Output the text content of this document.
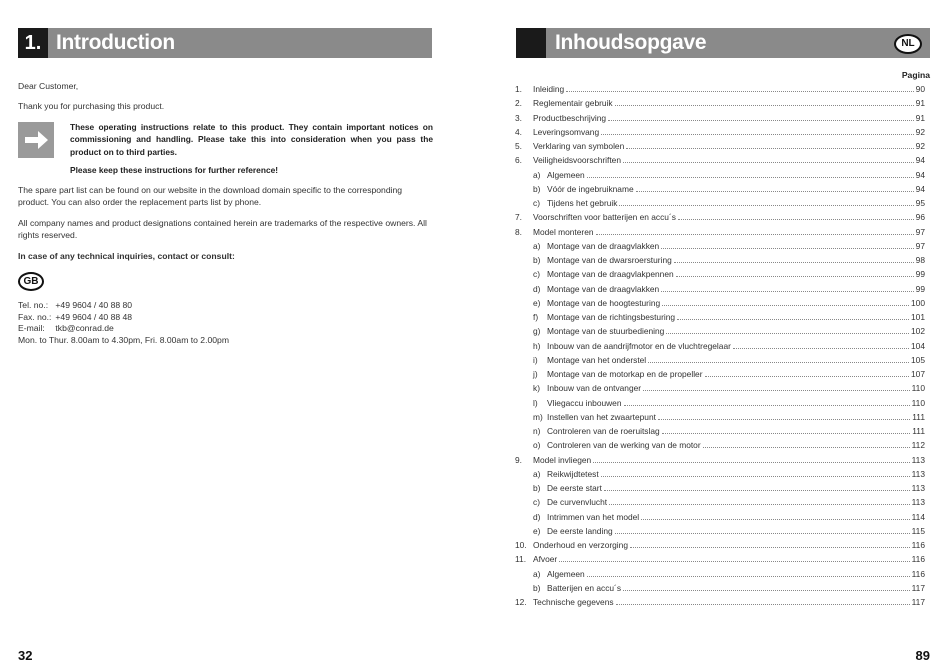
1. Introduction
Dear Customer,
Thank you for purchasing this product.
These operating instructions relate to this product. They contain important notices on commissioning and handling. Please take this into consideration when you pass the product on to third parties.
Please keep these instructions for further reference!
The spare part list can be found on our website in the download domain specific to the corresponding product. You can also order the replacement parts list by phone.
All company names and product designations contained herein are trademarks of the respective owners. All rights reserved.
In case of any technical inquiries, contact or consult:
GB
Tel. no.: +49 9604 / 40 88 80
Fax. no.: +49 9604 / 40 88 48
E-mail: tkb@conrad.de
Mon. to Thur. 8.00am to 4.30pm, Fri. 8.00am to 2.00pm
32
Inhoudsopgave	NL
Pagina
1.	Inleiding	90
2.	Reglementair gebruik	91
3.	Productbeschrijving	91
4.	Leveringsomvang	92
5.	Verklaring van symbolen	92
6.	Veiligheidsvoorschriften	94
a) Algemeen	94
b) Vóór de ingebruikname	94
c) Tijdens het gebruik	95
7.	Voorschriften voor batterijen en accu´s	96
8.	Model monteren	97
a) Montage van de draagvlakken	97
b) Montage van de dwarsroersturing	98
c) Montage van de draagvlakpennen	99
d) Montage van de draagvlakken	99
e) Montage van de hoogtesturing	100
f)	Montage van de richtingsbesturing	101
g) Montage van de stuurbediening	102
h) Inbouw van de aandrijfmotor en de vluchtregelaar	104
i)	Montage van het onderstel	105
j)	Montage van de motorkap en de propeller	107
k) Inbouw van de ontvanger	110
l)	Vliegaccu inbouwen	110
m) Instellen van het zwaartepunt	111
n) Controleren van de roeruitslag	111
o) Controleren van de werking van de motor	112
9.	Model invliegen	113
a) Reikwijdtetest	113
b) De eerste start	113
c) De curvenvlucht	113
d) Intrimmen van het model	114
e) De eerste landing	115
10. Onderhoud en verzorging	116
11. Afvoer	116
a) Algemeen	116
b) Batterijen en accu´s	117
12. Technische gegevens	117
89
